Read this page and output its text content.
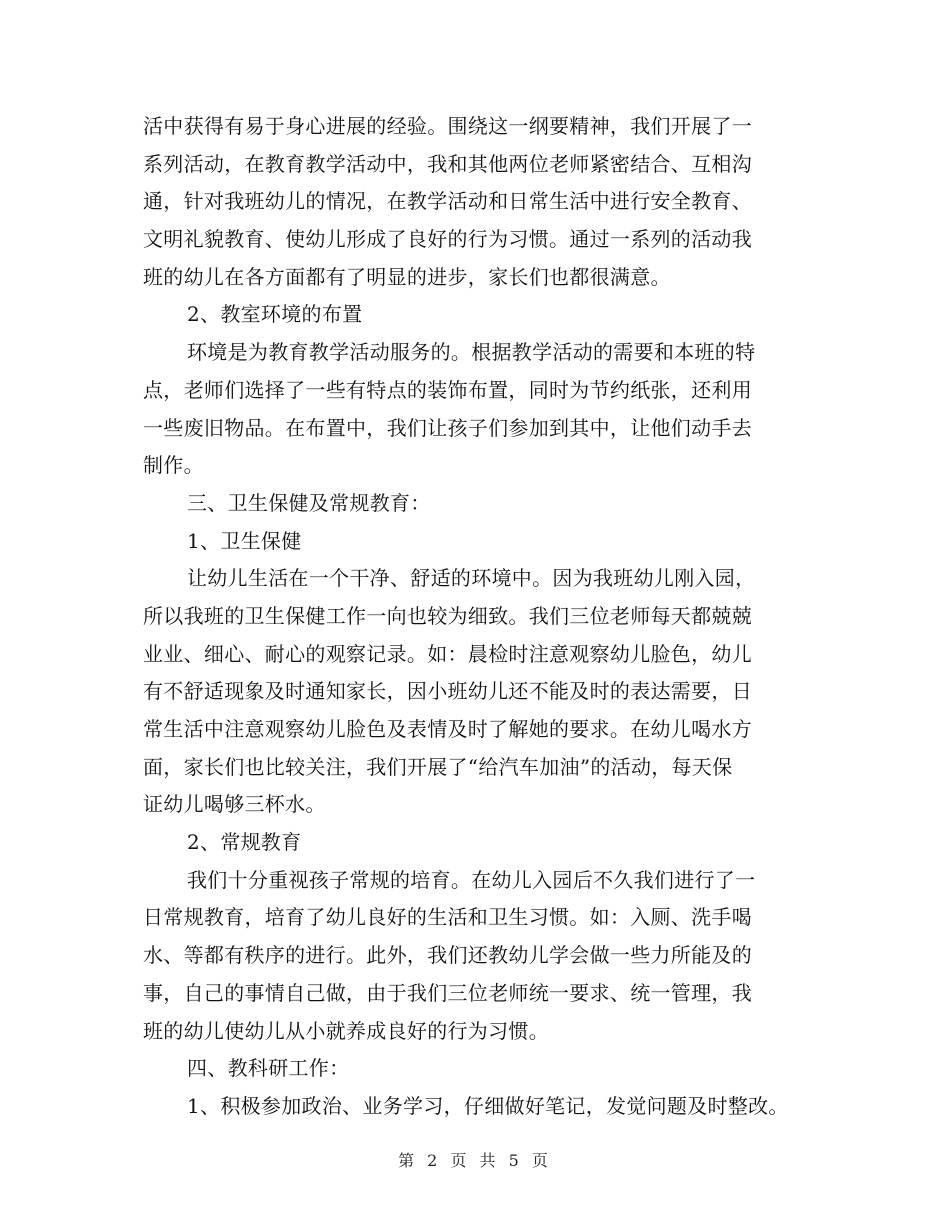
活中获得有易于身心进展的经验。围绕这一纲要精神，我们开展了一
系列活动，在教育教学活动中，我和其他两位老师紧密结合、互相沟
通，针对我班幼儿的情况，在教学活动和日常生活中进行安全教育、
文明礼貌教育、使幼儿形成了良好的行为习惯。通过一系列的活动我
班的幼儿在各方面都有了明显的进步，家长们也都很满意。
2、教室环境的布置
环境是为教育教学活动服务的。根据教学活动的需要和本班的特
点，老师们选择了一些有特点的装饰布置，同时为节约纸张，还利用
一些废旧物品。在布置中，我们让孩子们参加到其中，让他们动手去
制作。
三、卫生保健及常规教育：
1、卫生保健
让幼儿生活在一个干净、舒适的环境中。因为我班幼儿刚入园，
所以我班的卫生保健工作一向也较为细致。我们三位老师每天都兢兢
业业、细心、耐心的观察记录。如：晨检时注意观察幼儿脸色，幼儿
有不舒适现象及时通知家长，因小班幼儿还不能及时的表达需要，日
常生活中注意观察幼儿脸色及表情及时了解她的要求。在幼儿喝水方
面，家长们也比较关注，我们开展了“给汽车加油”的活动，每天保
证幼儿喝够三杯水。
2、常规教育
我们十分重视孩子常规的培育。在幼儿入园后不久我们进行了一
日常规教育，培育了幼儿良好的生活和卫生习惯。如：入厕、洗手喝
水、等都有秩序的进行。此外，我们还教幼儿学会做一些力所能及的
事，自己的事情自己做，由于我们三位老师统一要求、统一管理，我
班的幼儿使幼儿从小就养成良好的行为习惯。
四、教科研工作：
1、积极参加政治、业务学习，仔细做好笔记，发觉问题及时整改。
第 2 页 共 5 页
